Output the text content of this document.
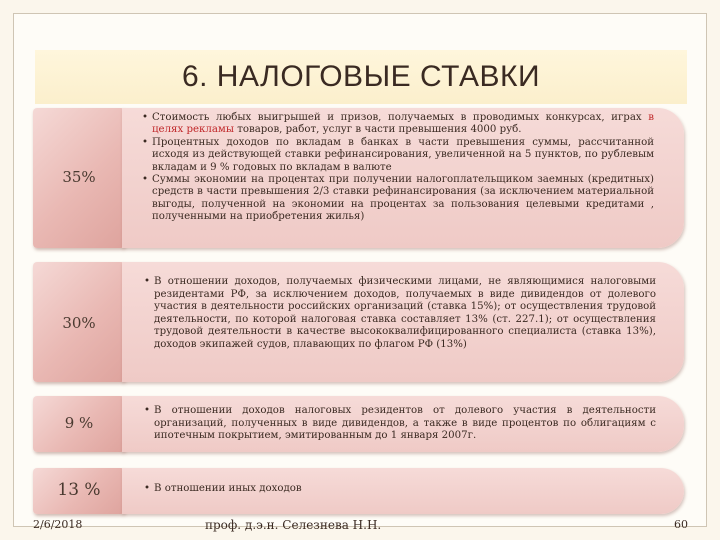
6. НАЛОГОВЫЕ СТАВКИ
35%
• Стоимость любых выигрышей и призов, получаемых в проводимых конкурсах, играх в целях рекламы товаров, работ, услуг в части превышения 4000 руб.
• Процентных доходов по вкладам в банках в части превышения суммы, рассчитанной исходя из действующей ставки рефинансирования, увеличенной на 5 пунктов, по рублевым вкладам и 9 % годовых по вкладам в валюте
• Суммы экономии на процентах при получении налогоплательщиком заемных (кредитных) средств в части превышения 2/3 ставки рефинансирования (за исключением материальной выгоды, полученной на экономии на процентах за пользования целевыми кредитами , полученными на приобретения жилья)
30%
• В отношении доходов, получаемых физическими лицами, не являющимися налоговыми резидентами РФ, за исключением доходов, получаемых в виде дивидендов от долевого участия в деятельности российских организаций (ставка 15%); от осуществления трудовой деятельности, по которой налоговая ставка составляет 13% (ст. 227.1); от осуществления трудовой деятельности в качестве высококвалифицированного специалиста (ставка 13%), доходов экипажей судов, плавающих по флагом РФ (13%)
9 %
• В отношении доходов налоговых резидентов от долевого участия в деятельности организаций, полученных в виде дивидендов, а также в виде процентов по облигациям с ипотечным покрытием, эмитированным до 1 января 2007г.
13 %
•	В отношении иных доходов
2/6/2018	проф. д.э.н. Селезнева Н.Н.	60
